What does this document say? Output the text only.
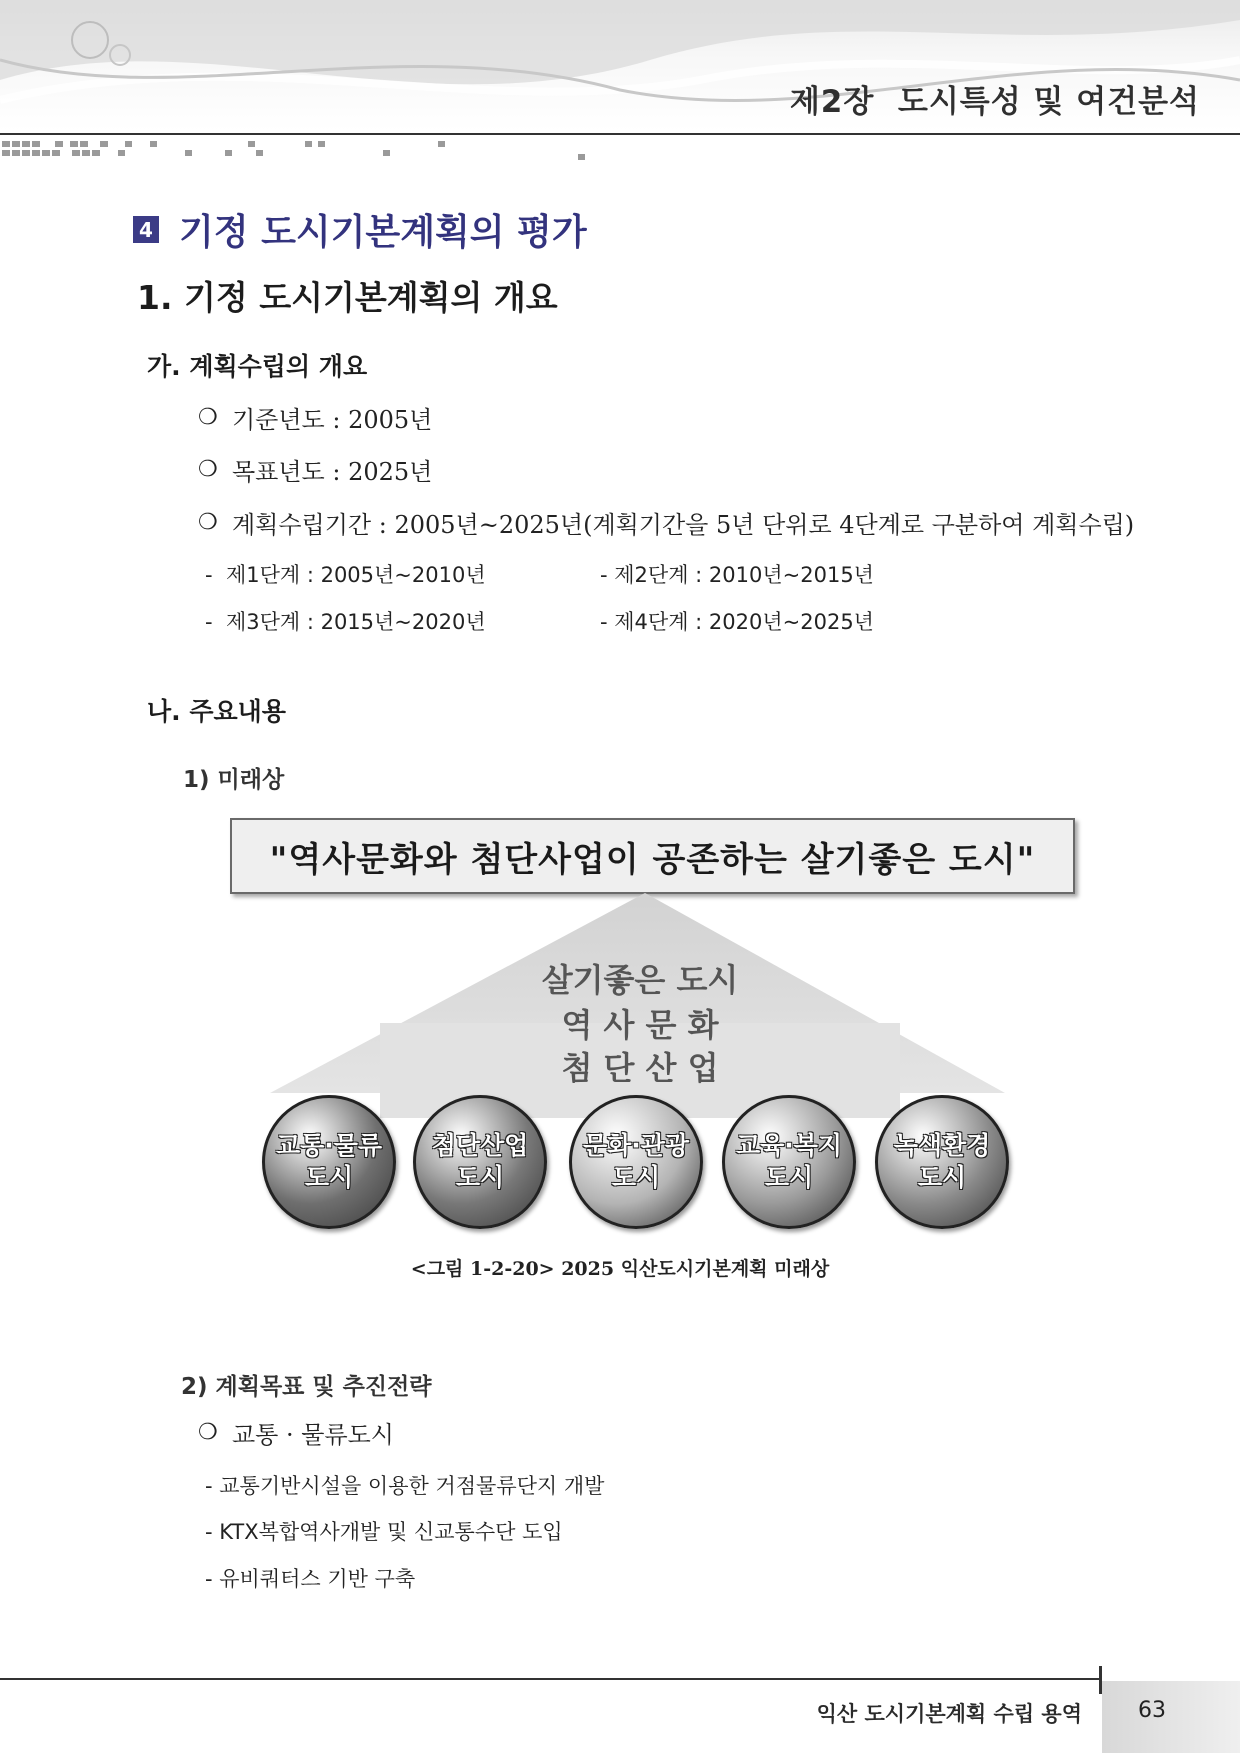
제2장  도시특성 및 여건분석
4 기정 도시기본계획의 평가
1. 기정 도시기본계획의 개요
가. 계획수립의 개요
❍ 기준년도 : 2005년
❍ 목표년도 : 2025년
❍ 계획수립기간 : 2005년~2025년(계획기간을 5년 단위로 4단계로 구분하여 계획수립)
-  제1단계 : 2005년~2010년	- 제2단계 : 2010년~2015년
-  제3단계 : 2015년~2020년	- 제4단계 : 2020년~2025년
나. 주요내용
1) 미래상
"역사문화와 첨단사업이 공존하는 살기좋은 도시"
살기좋은 도시
역 사 문 화
첨 단 산 업
교통·물류
도시
첨단산업
도시
문화·관광
도시
교육·복지
도시
녹색환경
도시
<그림 1-2-20> 2025 익산도시기본계획 미래상
2) 계획목표 및 추진전략
❍ 교통 · 물류도시
- 교통기반시설을 이용한 거점물류단지 개발
- KTX복합역사개발 및 신교통수단 도입
- 유비쿼터스 기반 구축
익산 도시기본계획 수립 용역	63
